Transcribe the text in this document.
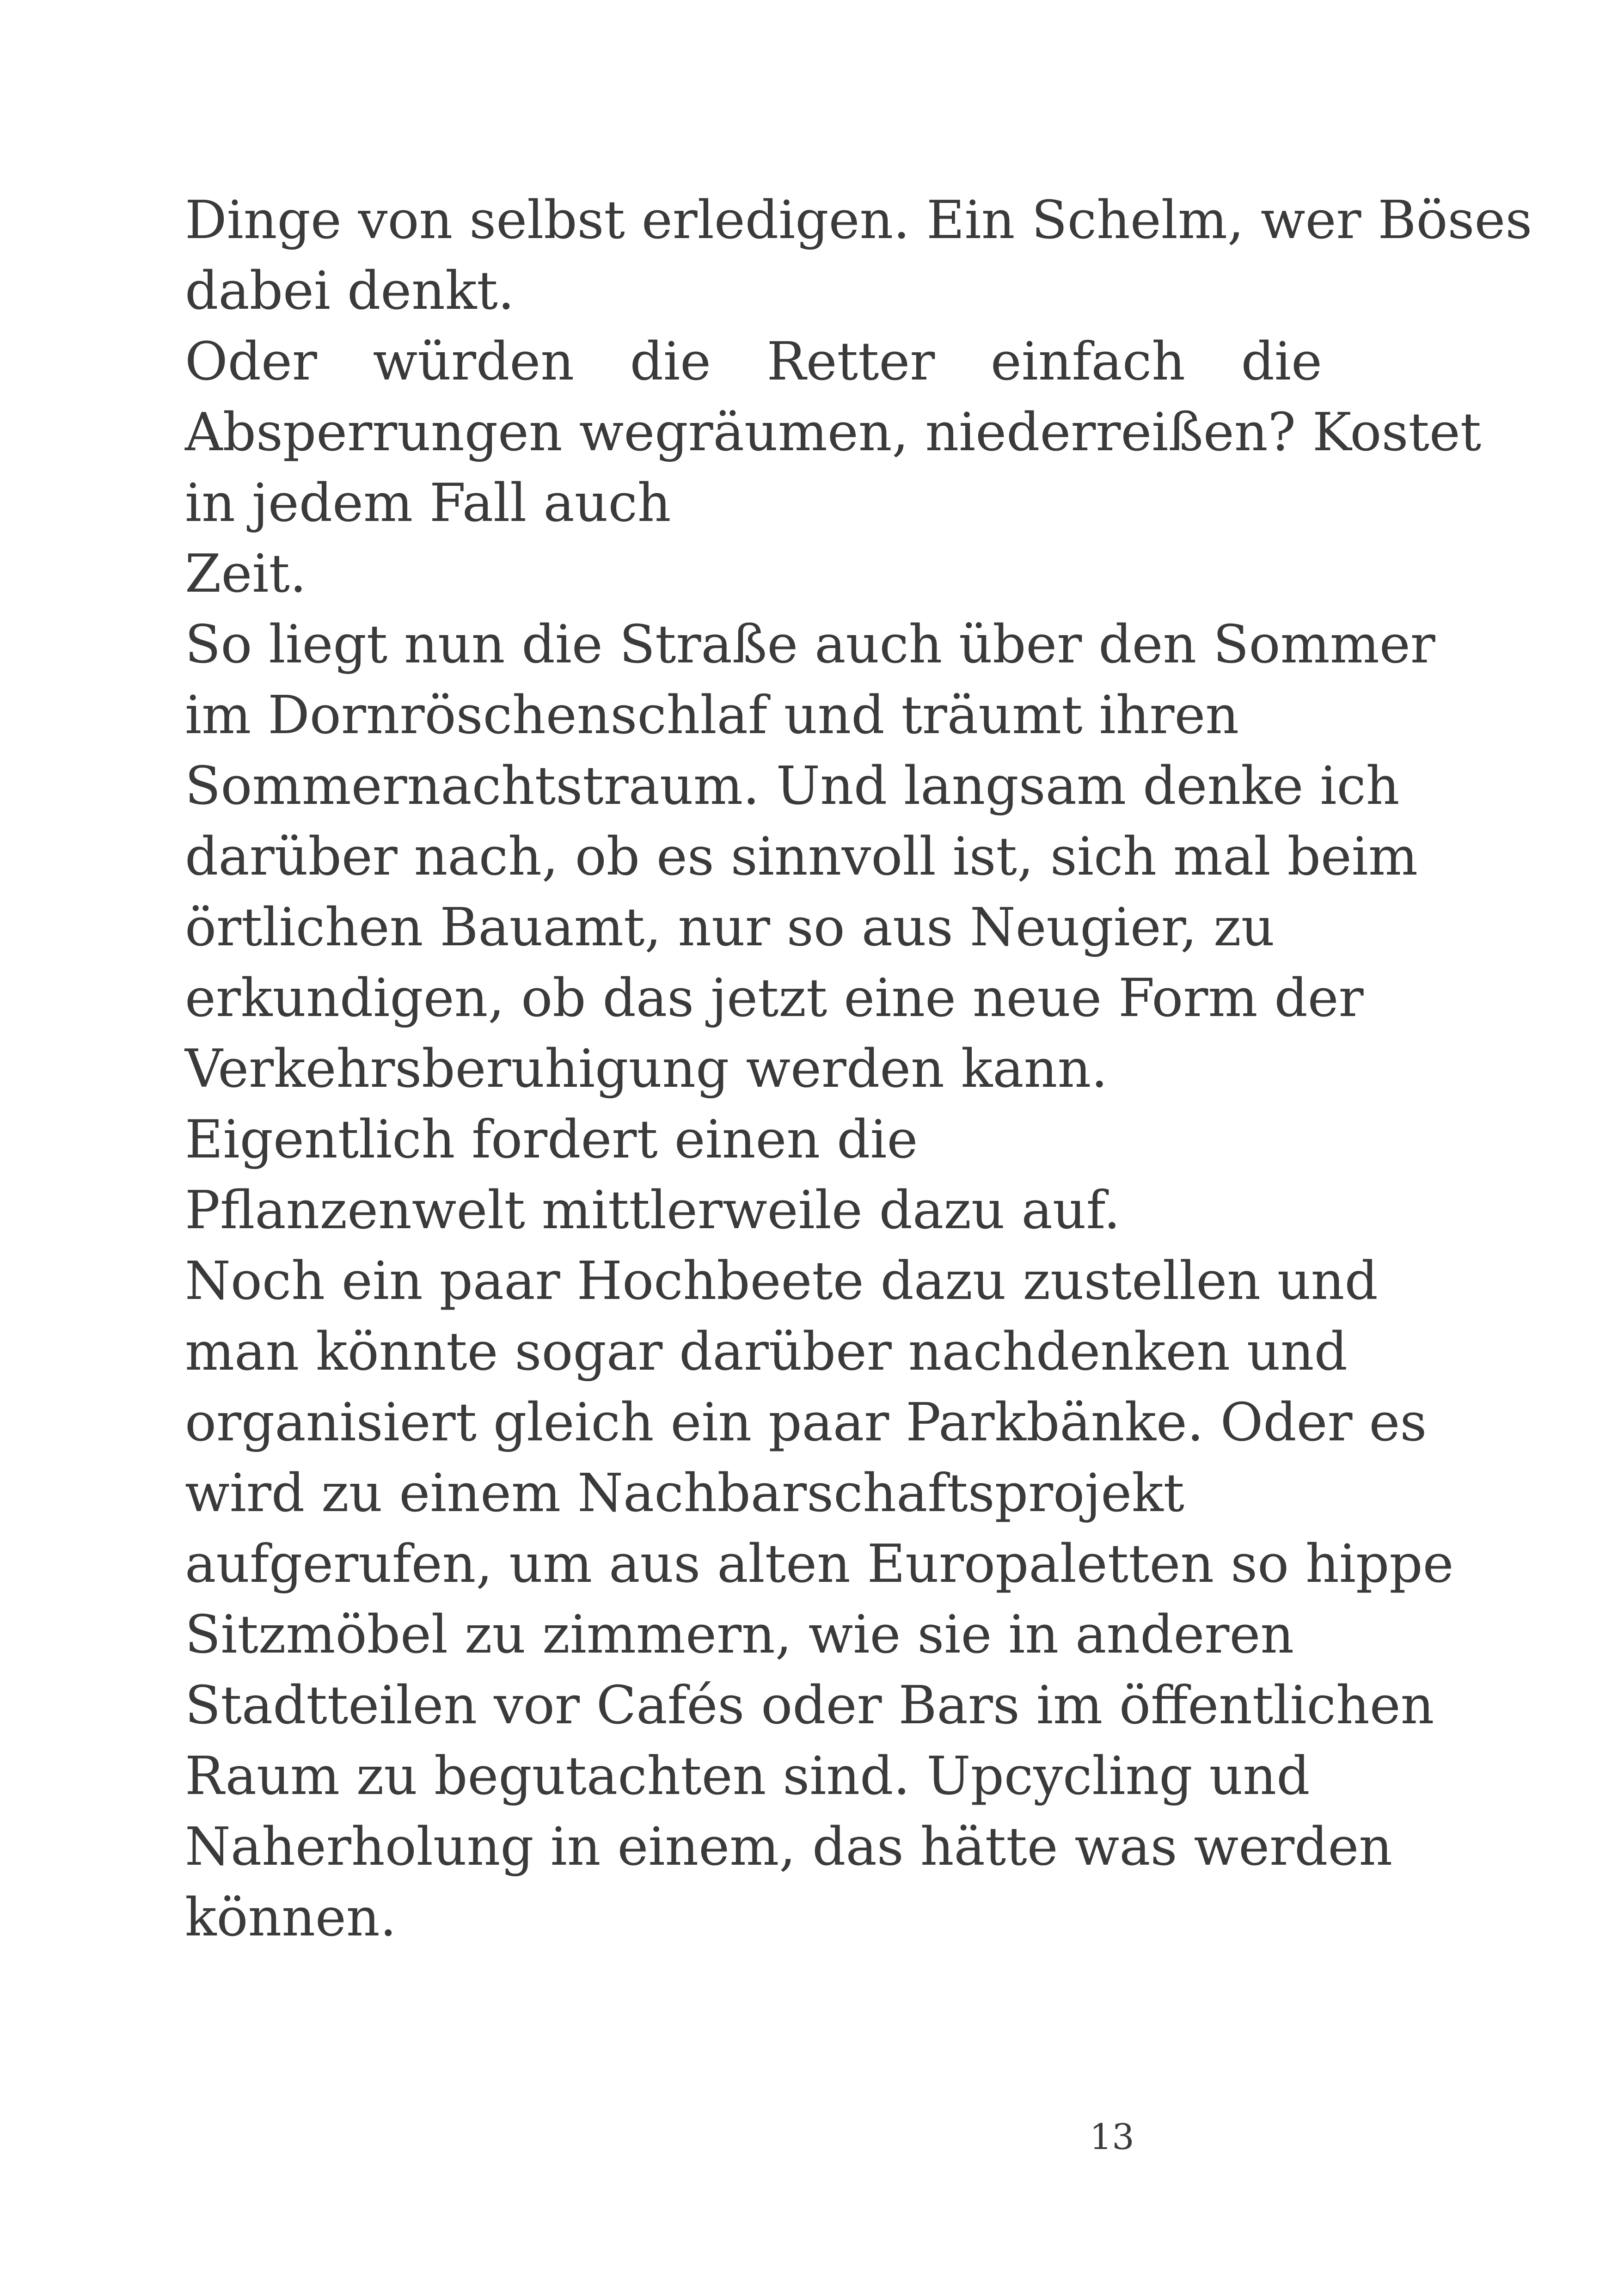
Dinge von selbst erledigen. Ein Schelm, wer Böses
dabei denkt.
Oder würden die Retter einfach die
Absperrungen wegräumen, niederreißen? Kostet
in jedem Fall auch
Zeit.
So liegt nun die Straße auch über den Sommer
im Dornröschenschlaf und träumt ihren
Sommernachtstraum. Und langsam denke ich
darüber nach, ob es sinnvoll ist, sich mal beim
örtlichen Bauamt, nur so aus Neugier, zu
erkundigen, ob das jetzt eine neue Form der
Verkehrsberuhigung werden kann.
Eigentlich fordert einen die
Pflanzenwelt mittlerweile dazu auf.
Noch ein paar Hochbeete dazu zustellen und
man könnte sogar darüber nachdenken und
organisiert gleich ein paar Parkbänke. Oder es
wird zu einem Nachbarschaftsprojekt
aufgerufen, um aus alten Europaletten so hippe
Sitzmöbel zu zimmern, wie sie in anderen
Stadtteilen vor Cafés oder Bars im öffentlichen
Raum zu begutachten sind. Upcycling und
Naherholung in einem, das hätte was werden
können.
13
